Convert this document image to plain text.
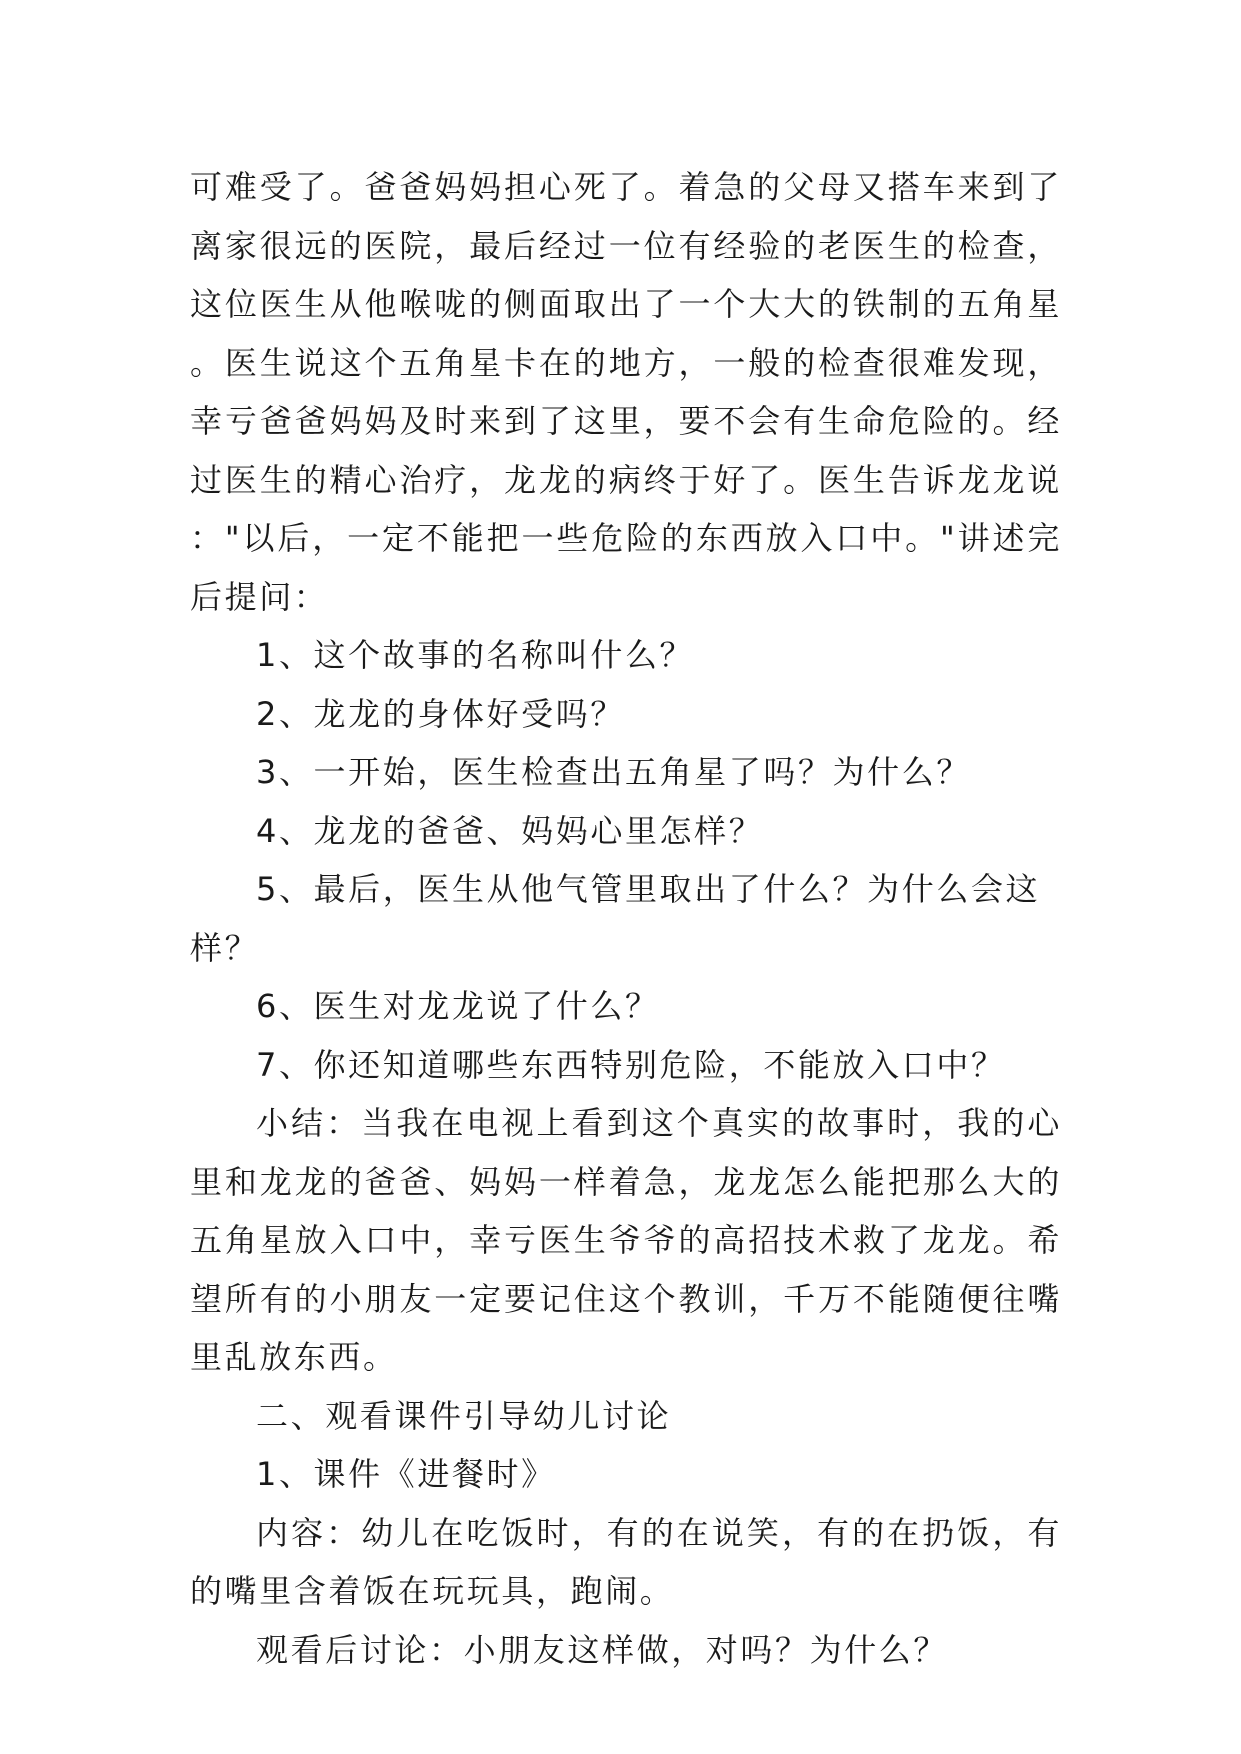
可难受了。爸爸妈妈担心死了。着急的父母又搭车来到了离家很远的医院，最后经过一位有经验的老医生的检查，这位医生从他喉咙的侧面取出了一个大大的铁制的五角星。医生说这个五角星卡在的地方，一般的检查很难发现，幸亏爸爸妈妈及时来到了这里，要不会有生命危险的。经过医生的精心治疗，龙龙的病终于好了。医生告诉龙龙说："以后，一定不能把一些危险的东西放入口中。"讲述完后提问：

1、这个故事的名称叫什么？

2、龙龙的身体好受吗？

3、一开始，医生检查出五角星了吗？为什么？

4、龙龙的爸爸、妈妈心里怎样？

5、最后，医生从他气管里取出了什么？为什么会这样？

6、医生对龙龙说了什么？

7、你还知道哪些东西特别危险，不能放入口中？

小结：当我在电视上看到这个真实的故事时，我的心里和龙龙的爸爸、妈妈一样着急，龙龙怎么能把那么大的五角星放入口中，幸亏医生爷爷的高招技术救了龙龙。希望所有的小朋友一定要记住这个教训，千万不能随便往嘴里乱放东西。

二、观看课件引导幼儿讨论

1、课件《进餐时》

内容：幼儿在吃饭时，有的在说笑，有的在扔饭，有的嘴里含着饭在玩玩具，跑闹。

观看后讨论：小朋友这样做，对吗？为什么？
